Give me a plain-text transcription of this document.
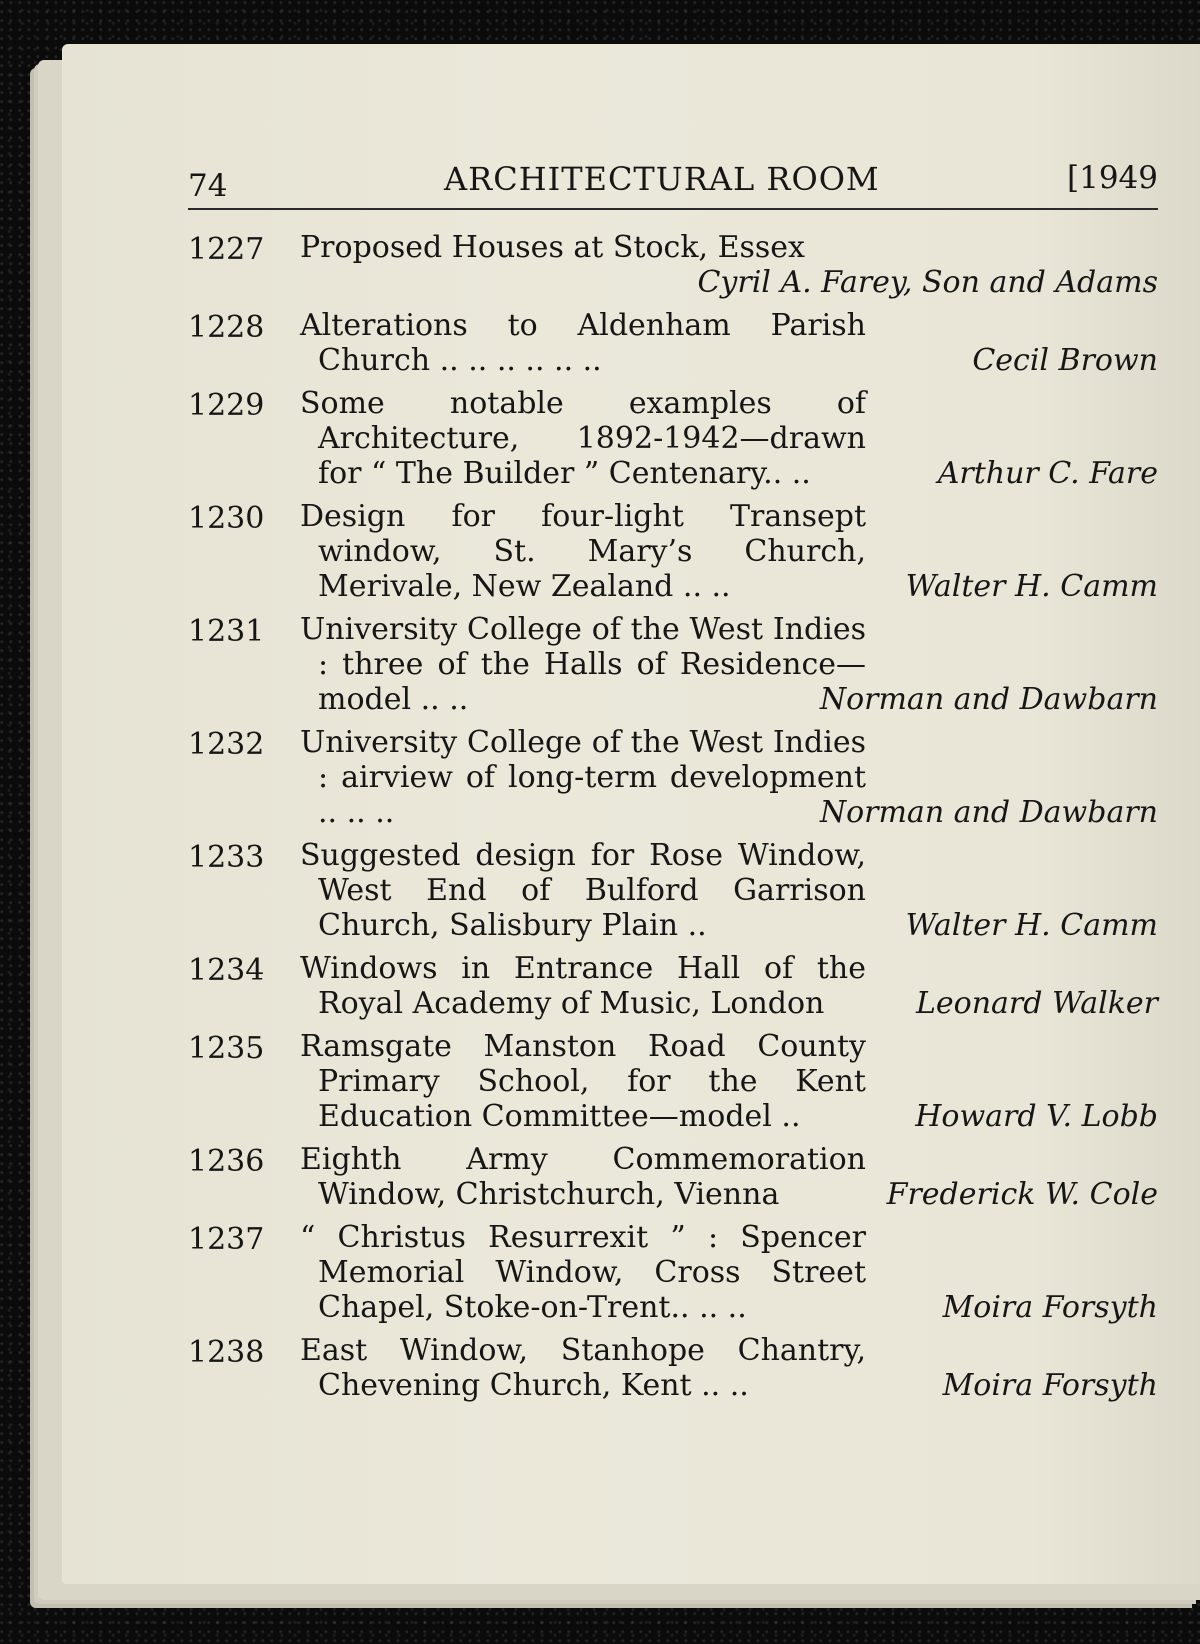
74	ARCHITECTURAL ROOM	[1949
1227	Proposed Houses at Stock, Essex
Cyril A. Farey, Son and Adams
1228	Alterations to Aldenham Parish Church .. .. .. .. .. ..	Cecil Brown
1229	Some notable examples of Architecture, 1892-1942—drawn for “ The Builder ” Centenary.. ..	Arthur C. Fare
1230	Design for four-light Transept window, St. Mary’s Church, Merivale, New Zealand .. ..	Walter H. Camm
1231	University College of the West Indies : three of the Halls of Residence—model .. ..	Norman and Dawbarn
1232	University College of the West Indies : airview of long-term development .. .. ..	Norman and Dawbarn
1233	Suggested design for Rose Window, West End of Bulford Garrison Church, Salisbury Plain ..	Walter H. Camm
1234	Windows in Entrance Hall of the Royal Academy of Music, London	Leonard Walker
1235	Ramsgate Manston Road County Primary School, for the Kent Education Committee—model ..	Howard V. Lobb
1236	Eighth Army Commemoration Window, Christchurch, Vienna	Frederick W. Cole
1237	“ Christus Resurrexit ” : Spencer Memorial Window, Cross Street Chapel, Stoke-on-Trent.. .. ..	Moira Forsyth
1238	East Window, Stanhope Chantry, Chevening Church, Kent .. ..	Moira Forsyth
